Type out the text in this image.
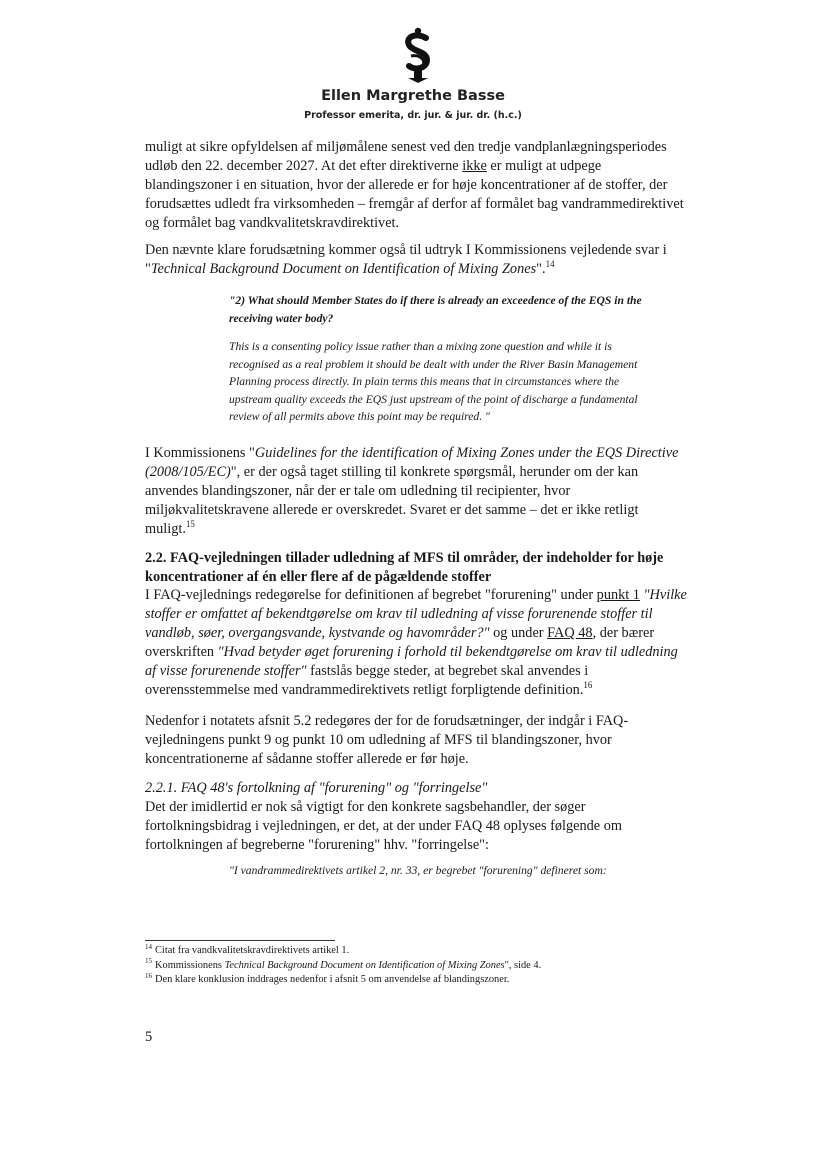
Ellen Margrethe Basse
Professor emerita, dr. jur. & jur. dr. (h.c.)

muligt at sikre opfyldelsen af miljømålene senest ved den tredje vandplanlægningsperiodes udløb den 22. december 2027. At det efter direktiverne ikke er muligt at udpege blandingszoner i en situation, hvor der allerede er for høje koncentrationer af de stoffer, der forudsættes udledt fra virksomheden – fremgår af derfor af formålet bag vandrammedirektivet og formålet bag vandkvalitetskravdirektivet.

Den nævnte klare forudsætning kommer også til udtryk I Kommissionens vejledende svar i "Technical Background Document on Identification of Mixing Zones".$^{14}$

"2) What should Member States do if there is already an exceedence of the EQS in the receiving water body?
This is a consenting policy issue rather than a mixing zone question and while it is recognised as a real problem it should be dealt with under the River Basin Management Planning process directly. In plain terms this means that in circumstances where the upstream quality exceeds the EQS just upstream of the point of discharge a fundamental review of all permits above this point may be required. "

I Kommissionens "Guidelines for the identification of Mixing Zones under the EQS Directive (2008/105/EC)", er der også taget stilling til konkrete spørgsmål, herunder om der kan anvendes blandingszoner, når der er tale om udledning til recipienter, hvor miljøkvalitetskravene allerede er overskredet. Svaret er det samme – det er ikke retligt muligt.$^{15}$

2.2. FAQ-vejledningen tillader udledning af MFS til områder, der indeholder for høje koncentrationer af én eller flere af de pågældende stoffer

I FAQ-vejlednings redegørelse for definitionen af begrebet "forurening" under punkt 1 "Hvilke stoffer er omfattet af bekendtgørelse om krav til udledning af visse forurenende stoffer til vandløb, søer, overgangsvande, kystvande og havområder?" og under FAQ 48, der bærer overskriften "Hvad betyder øget forurening i forhold til bekendtgørelse om krav til udledning af visse forurenende stoffer" fastslås begge steder, at begrebet skal anvendes i overensstemmelse med vandrammedirektivets retligt forpligtende definition.$^{16}$

Nedenfor i notatets afsnit 5.2 redegøres der for de forudsætninger, der indgår i FAQ-vejledningens punkt 9 og punkt 10 om udledning af MFS til blandingszoner, hvor koncentrationerne af sådanne stoffer allerede er før høje.
2.2.1. FAQ 48's fortolkning af "forurening" og "forringelse"
Det der imidlertid er nok så vigtigt for den konkrete sagsbehandler, der søger fortolkningsbidrag i vejledningen, er det, at der under FAQ 48 oplyses følgende om fortolkningen af begreberne "forurening" hhv. "forringelse":
"I vandrammedirektivets artikel 2, nr. 33, er begrebet "forurening" defineret som:

$^{14}$ Citat fra vandkvalitetskravdirektivets artikel 1.

$^{15}$ Kommissionens Technical Background Document on Identification of Mixing Zones", side 4.

$^{16}$ Den klare konklusion inddrages nedenfor i afsnit 5 om anvendelse af blandingszoner.

5
